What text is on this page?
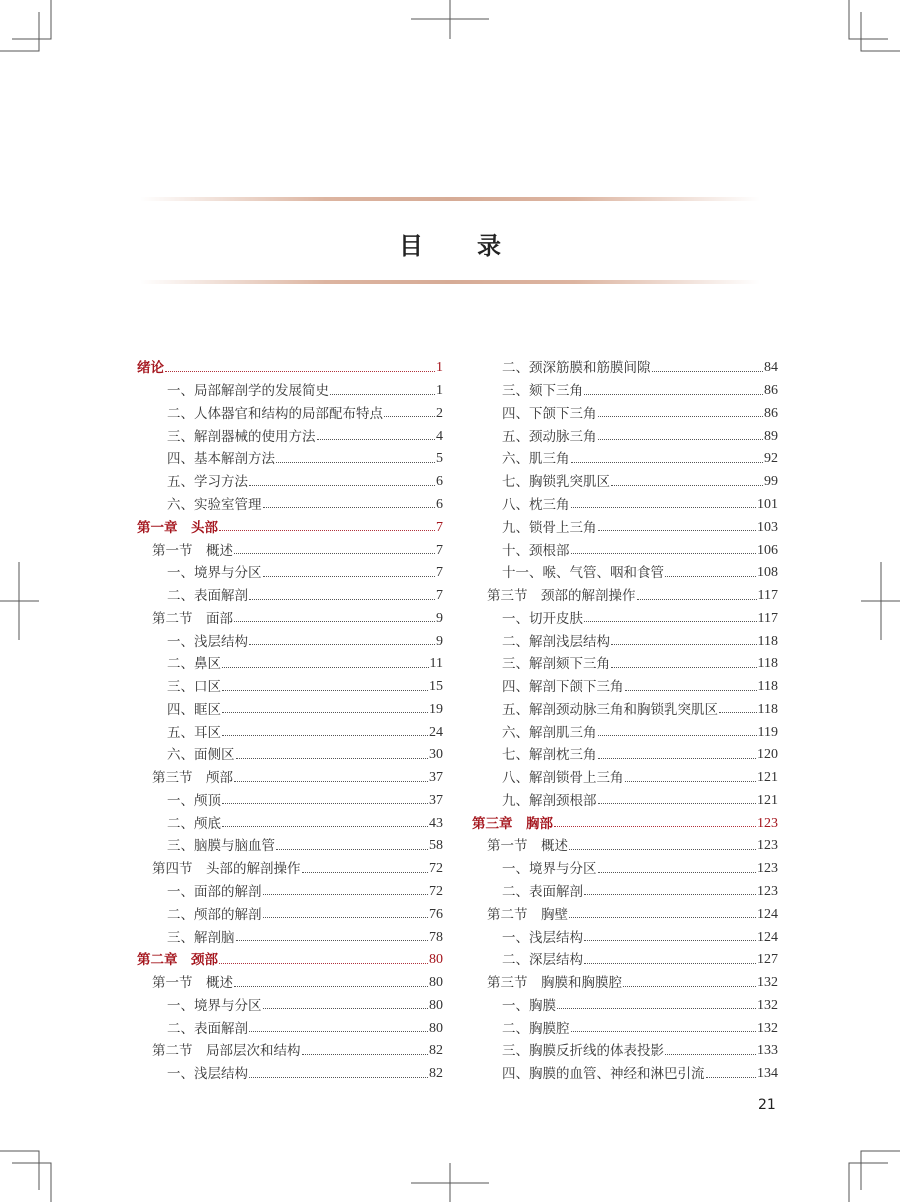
目 录
绪论	1
一、局部解剖学的发展简史	1
二、人体器官和结构的局部配布特点	2
三、解剖器械的使用方法	4
四、基本解剖方法	5
五、学习方法	6
六、实验室管理	6
第一章　头部	7
第一节　概述	7
一、境界与分区	7
二、表面解剖	7
第二节　面部	9
一、浅层结构	9
二、鼻区	11
三、口区	15
四、眶区	19
五、耳区	24
六、面侧区	30
第三节　颅部	37
一、颅顶	37
二、颅底	43
三、脑膜与脑血管	58
第四节　头部的解剖操作	72
一、面部的解剖	72
二、颅部的解剖	76
三、解剖脑	78
第二章　颈部	80
第一节　概述	80
一、境界与分区	80
二、表面解剖	80
第二节　局部层次和结构	82
一、浅层结构	82
二、颈深筋膜和筋膜间隙	84
三、颏下三角	86
四、下颌下三角	86
五、颈动脉三角	89
六、肌三角	92
七、胸锁乳突肌区	99
八、枕三角	101
九、锁骨上三角	103
十、颈根部	106
十一、喉、气管、咽和食管	108
第三节　颈部的解剖操作	117
一、切开皮肤	117
二、解剖浅层结构	118
三、解剖颏下三角	118
四、解剖下颌下三角	118
五、解剖颈动脉三角和胸锁乳突肌区	118
六、解剖肌三角	119
七、解剖枕三角	120
八、解剖锁骨上三角	121
九、解剖颈根部	121
第三章　胸部	123
第一节　概述	123
一、境界与分区	123
二、表面解剖	123
第二节　胸壁	124
一、浅层结构	124
二、深层结构	127
第三节　胸膜和胸膜腔	132
一、胸膜	132
二、胸膜腔	132
三、胸膜反折线的体表投影	133
四、胸膜的血管、神经和淋巴引流	134
21
